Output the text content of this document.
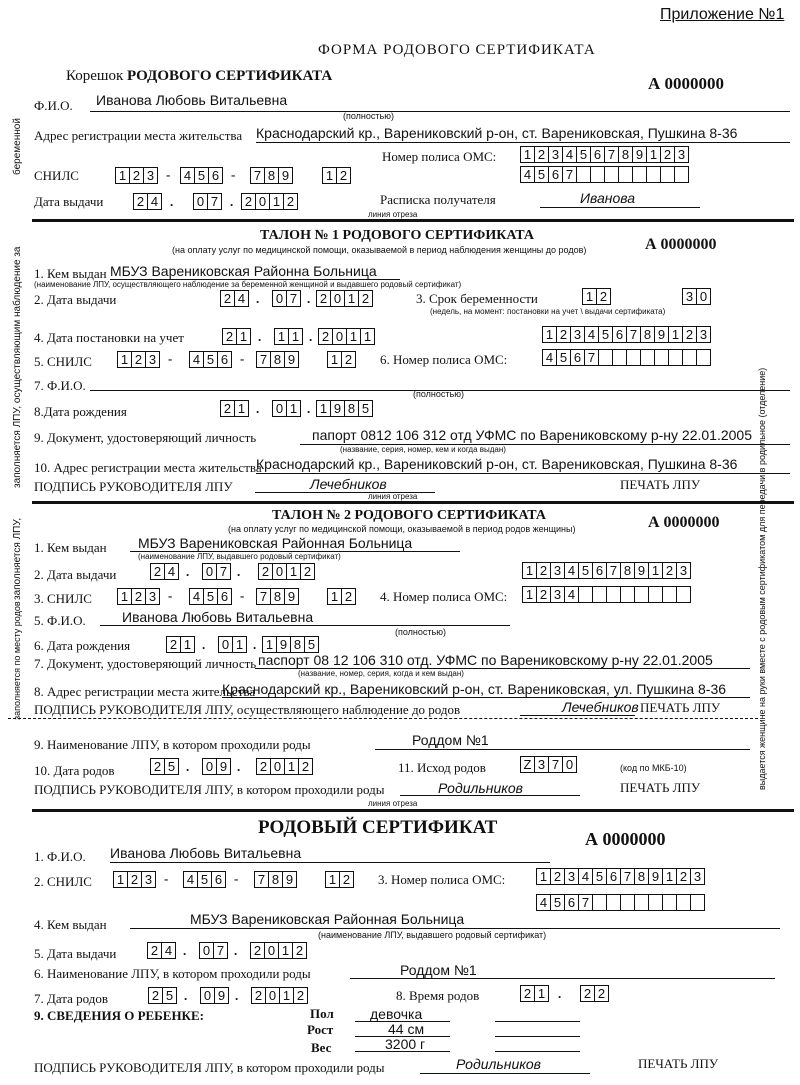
Приложение №1
ФОРМА РОДОВОГО СЕРТИФИКАТА
беременной
Корешок РОДОВОГО СЕРТИФИКАТА	А 0000000
Ф.И.О. Иванова Любовь Витальевна
(полностью)
Адрес регистрации места жительства Краснодарский кр., Варениковский р-он, ст. Варениковская, Пушкина 8-36
Номер полиса ОМС: 1 2 3 4 5 6 7 8 9 1 2 3
4 5 6 7
СНИЛС	1 2 3 - 4 5 6 - 7 8 9	1 2
Дата выдачи	2 4 . 0 7 . 2 0 1 2	Расписка получателя	Иванова
линия отреза
заполняется ЛПУ, осуществляющим наблюдение за
ТАЛОН № 1 РОДОВОГО СЕРТИФИКАТА
А 0000000
(на оплату услуг по медицинской помощи, оказываемой в период наблюдения женщины до родов)
1. Кем выдан МБУЗ Варениковская Районна Больница
(наименование ЛПУ, осуществляющего наблюдение за беременной женщиной и выдавшего родовый сертификат)
2. Дата выдачи	2 4 . 0 7 . 2 0 1 2	3. Срок беременности	1 2	3 0
(недель, на момент: постановки на учет \ выдачи сертификата)
4. Дата постановки на учет	2 1 . 1 1 . 2 0 1 1	1 2 3 4 5 6 7 8 9 1 2 3
5. СНИЛС 1 2 3 - 4 5 6 - 7 8 9	1 2 6. Номер полиса ОМС:	4 5 6 7
7. Ф.И.О.
(полностью)
8.Дата рождения	2 1 . 0 1 . 1 9 8 5
9. Документ, удостоверяющий личность	папорт 0812 106 312 отд УФМС по Варениковскому р-ну 22.01.2005
(название, серия, номер, кем и когда выдан)
10. Адрес регистрации места жительства
Краснодарский кр., Варениковский р-он, ст. Варениковская, Пушкина 8-36
ПОДПИСЬ РУКОВОДИТЕЛЯ ЛПУ	Лечебников	ПЕЧАТЬ ЛПУ
линия отреза
заполняется ЛПУ,
заполняется по месту родов	выдается женщине на руки вместе с родовым сертификатом для передачи в родильное (отделение)
ТАЛОН № 2 РОДОВОГО СЕРТИФИКАТА	А 0000000
(на оплату услуг по медицинской помощи, оказываемой в период родов женщины)
1. Кем выдан МБУЗ Варениковская Районная Больница
(наименование ЛПУ, выдавшего родовый сертификат)
2. Дата выдачи	2 4 . 0 7 . 2 0 1 2	1 2 3 4 5 6 7 8 9 1 2 3
3. СНИЛС 1 2 3 - 4 5 6 - 7 8 9	1 2 4. Номер полиса ОМС: 1 2 3 4
5. Ф.И.О.	Иванова Любовь Витальевна
(полностью)
6. Дата рождения	2 1 . 0 1 . 1 9 8 5
7. Документ, удостоверяющий личность паспорт 08 12 106 310 отд. УФМС по Варениковскому р-ну 22.01.2005
(название, номер, серия, когда и кем выдан)
8. Адрес регистрации места жительства
Краснодарский кр., Варениковский р-он, ст. Варениковская, ул. Пушкина 8-36
ПОДПИСЬ РУКОВОДИТЕЛЯ ЛПУ, осуществляющего наблюдение до родов	Лечебников ПЕЧАТЬ ЛПУ
9. Наименование ЛПУ, в котором проходили роды	Роддом №1
10. Дата родов	2 5 . 0 9 . 2 0 1 2	11. Исход родов	Z 3 7 0	(код по МКБ-10)
ПОДПИСЬ РУКОВОДИТЕЛЯ ЛПУ, в котором проходили роды	Родильников	ПЕЧАТЬ ЛПУ
линия отреза
РОДОВЫЙ СЕРТИФИКАТ
А 0000000
1. Ф.И.О. Иванова Любовь Витальевна
2. СНИЛС 1 2 3 - 4 5 6 - 7 8 9	1 2 3. Номер полиса ОМС:	1 2 3 4 5 6 7 8 9 1 2 3
4 5 6 7
4. Кем выдан	МБУЗ Варениковская Районная Больница
(наименование ЛПУ, выдавшего родовый сертификат)
5. Дата выдачи	2 4 . 0 7 . 2 0 1 2
6. Наименование ЛПУ, в котором проходили роды	Роддом №1
7. Дата родов	2 5 . 0 9 . 2 0 1 2	8. Время родов	2 1 . 2 2
9. СВЕДЕНИЯ О РЕБЕНКЕ:	Пол	девочка
Рост	44 см
Вес	3200 г
ПОДПИСЬ РУКОВОДИТЕЛЯ ЛПУ, в котором проходили роды	Родильников	ПЕЧАТЬ ЛПУ
